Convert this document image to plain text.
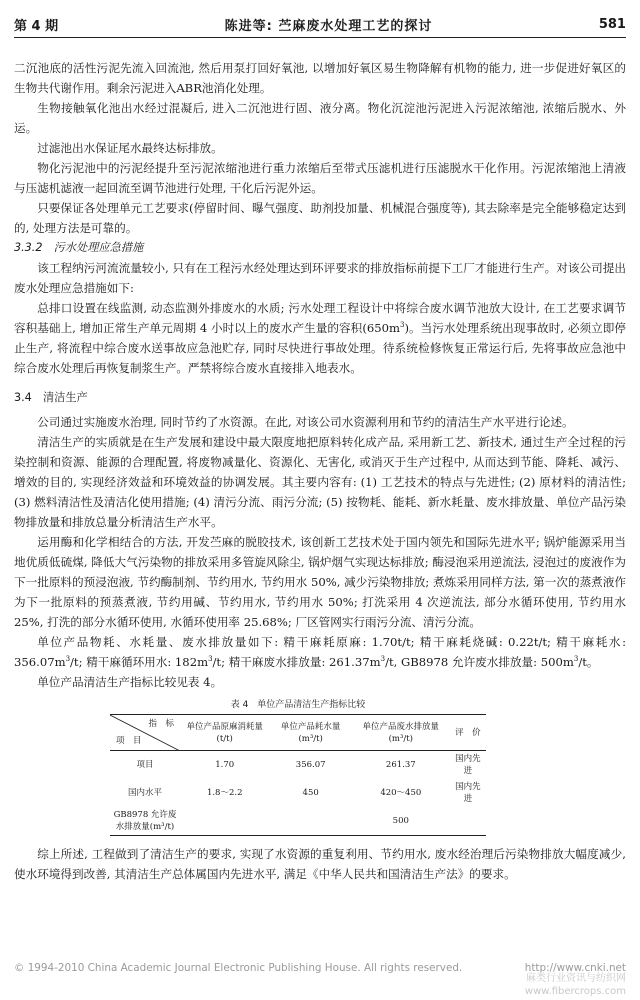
第 4 期	陈进等: 苎麻废水处理工艺的探讨	581

二沉池底的活性污泥先流入回流池, 然后用泵打回好氧池, 以增加好氧区易生物降解有机物的能力, 进一步促进好氧区的生物共代谢作用。剩余污泥进入ABR池消化处理。

生物接触氧化池出水经过混凝后, 进入二沉池进行固、液分离。物化沉淀池污泥进入污泥浓缩池, 浓缩后脱水、外运。

过滤池出水保证尾水最终达标排放。

物化污泥池中的污泥经提升至污泥浓缩池进行重力浓缩后至带式压滤机进行压滤脱水干化作用。污泥浓缩池上清液与压滤机滤液一起回流至调节池进行处理, 干化后污泥外运。

只要保证各处理单元工艺要求(停留时间、曝气强度、助剂投加量、机械混合强度等), 其去除率是完全能够稳定达到的, 处理方法是可靠的。

3.3.2　污水处理应急措施

该工程纳污河流流量较小, 只有在工程污水经处理达到环评要求的排放指标前提下工厂才能进行生产。对该公司提出废水处理应急措施如下:

总排口设置在线监测, 动态监测外排废水的水质; 污水处理工程设计中将综合废水调节池放大设计, 在工艺要求调节容积基础上, 增加正常生产单元周期 4 小时以上的废水产生量的容积$(650m^3)$。当污水处理系统出现事故时, 必须立即停止生产, 将流程中综合废水送事故应急池贮存, 同时尽快进行事故处理。待系统检修恢复正常运行后, 先将事故应急池中综合废水处理后再恢复制浆生产。严禁将综合废水直接排入地表水。

3.4　清洁生产

公司通过实施废水治理, 同时节约了水资源。在此, 对该公司水资源利用和节约的清洁生产水平进行论述。

清洁生产的实质就是在生产发展和建设中最大限度地把原料转化成产品, 采用新工艺、新技术, 通过生产全过程的污染控制和资源、能源的合理配置, 将废物减量化、资源化、无害化, 或消灭于生产过程中, 从而达到节能、降耗、减污、增效的目的, 实现经济效益和环境效益的协调发展。其主要内容有: (1) 工艺技术的特点与先进性; (2) 原材料的清洁性; (3) 燃料清洁性及清洁化使用措施; (4) 清污分流、雨污分流; (5) 按物耗、能耗、新水耗量、废水排放量、单位产品污染物排放量和排放总量分析清洁生产水平。

运用酶和化学相结合的方法, 开发苎麻的脱胶技术, 该创新工艺技术处于国内领先和国际先进水平; 锅炉能源采用当地优质低硫煤, 降低大气污染物的排放采用多管旋风除尘, 锅炉烟气实现达标排放; 酶浸泡采用逆流法, 浸泡过的废液作为下一批原料的预浸泡液, 节约酶制剂、节约用水, 节约用水 50%, 减少污染物排放; 煮炼采用同样方法, 第一次的蒸煮液作为下一批原料的预蒸煮液, 节约用碱、节约用水, 节约用水 50%; 打洗采用 4 次逆流法, 部分水循环使用, 节约用水 25%, 打洗的部分水循环使用, 水循环使用率 25.68%; 厂区管网实行雨污分流、清污分流。

单位产品物耗、水耗量、废水排放量如下: 精干麻耗原麻: 1.70t/t; 精干麻耗烧碱: 0.22t/t; 精干麻耗水: $356.07m^3/t$; 精干麻循环用水: $182m^3/t$; 精干麻废水排放量: $261.37m^3/t$, GB8978 允许废水排放量: $500m^3/t$。

单位产品清洁生产指标比较见表 4。

表 4　单位产品清洁生产指标比较
指　标
项　目	单位产品原麻消耗量(t/t)	单位产品耗水量(m³/t)	单位产品废水排放量(m³/t)	评　价
项目	1.70	356.07	261.37	国内先进
国内水平	1.8～2.2	450	420～450	国内先进
GB8978 允许废水排放量(m³/t)			500	

综上所述, 工程做到了清洁生产的要求, 实现了水资源的重复利用、节约用水, 废水经治理后污染物排放大幅度减少, 使水环境得到改善, 其清洁生产总体属国内先进水平, 满足《中华人民共和国清洁生产法》的要求。

© 1994-2010 China Academic Journal Electronic Publishing House. All rights reserved.	http://www.cnki.net
麻类行业资讯与纺织网
www.fibercrops.com
